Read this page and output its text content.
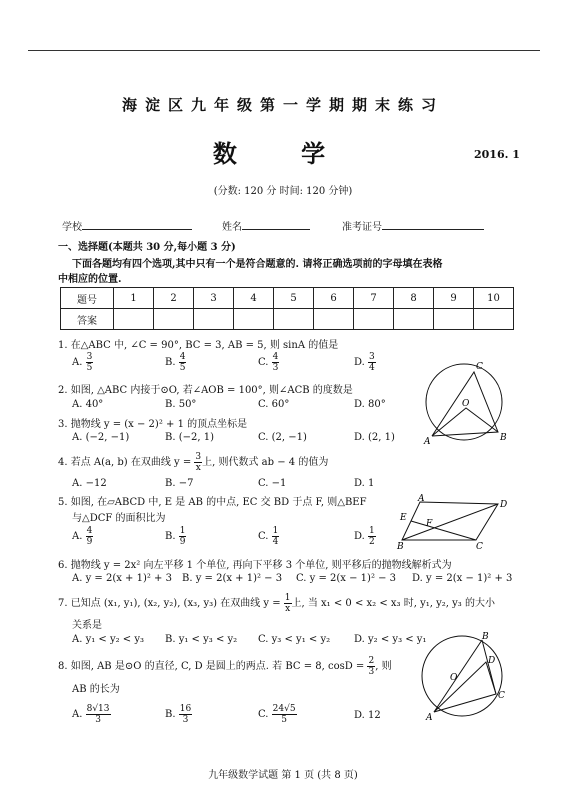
海淀区九年级第一学期期末练习
数 学	2016. 1
(分数: 120 分 时间: 120 分钟)
学校	姓名	准考证号
一、选择题(本题共 30 分,每小题 3 分)
下面各题均有四个选项,其中只有一个是符合题意的. 请将正确选项前的字母填在表格
中相应的位置.
题号	1	2	3	4	5	6	7	8	9	10
答案										
1. 在△ABC 中, ∠C = 90°, BC = 3, AB = 5, 则 sinA 的值是
A. $\frac{3}{5}$	B. $\frac{4}{5}$	C. $\frac{4}{3}$	D. $\frac{3}{4}$
2. 如图, △ABC 内接于⊙O, 若∠AOB = 100°, 则∠ACB 的度数是
A. 40°	B. 50°	C. 60°	D. 80°
3. 抛物线 y = (x − 2)² + 1 的顶点坐标是
A. (−2, −1)	B. (−2, 1)	C. (2, −1)	D. (2, 1)
4. 若点 A(a, b) 在双曲线 $y = \frac{3}{x}$ 上, 则代数式 ab − 4 的值为
A. −12	B. −7	C. −1	D. 1
5. 如图, 在▱ABCD 中, E 是 AB 的中点, EC 交 BD 于点 F, 则△BEF
与△DCF 的面积比为
A. $\frac{4}{9}$	B. $\frac{1}{9}$	C. $\frac{1}{4}$	D. $\frac{1}{2}$
6. 抛物线 y = 2x² 向左平移 1 个单位, 再向下平移 3 个单位, 则平移后的抛物线解析式为
A. y = 2(x + 1)² + 3 B. y = 2(x + 1)² − 3 C. y = 2(x − 1)² − 3 D. y = 2(x − 1)² + 3
7. 已知点 (x₁, y₁), (x₂, y₂), (x₃, y₃) 在双曲线 $y = \frac{1}{x}$ 上, 当 x₁ < 0 < x₂ < x₃ 时, y₁, y₂, y₃ 的大小
关系是
A. y₁ < y₂ < y₃ B. y₁ < y₃ < y₂ C. y₃ < y₁ < y₂ D. y₂ < y₃ < y₁
8. 如图, AB 是⊙O 的直径, C, D 是圆上的两点. 若 BC = 8, $\cos D = \frac{2}{3}$ , 则
AB 的长为
A. $\frac{8√13}{3}$	B. $\frac{16}{3}$	C. $\frac{24√5}{5}$	D. 12
C
O
A	B
A
D
E
F
B	C
B
D
O
C
A
九年级数学试题 第 1 页 (共 8 页)
